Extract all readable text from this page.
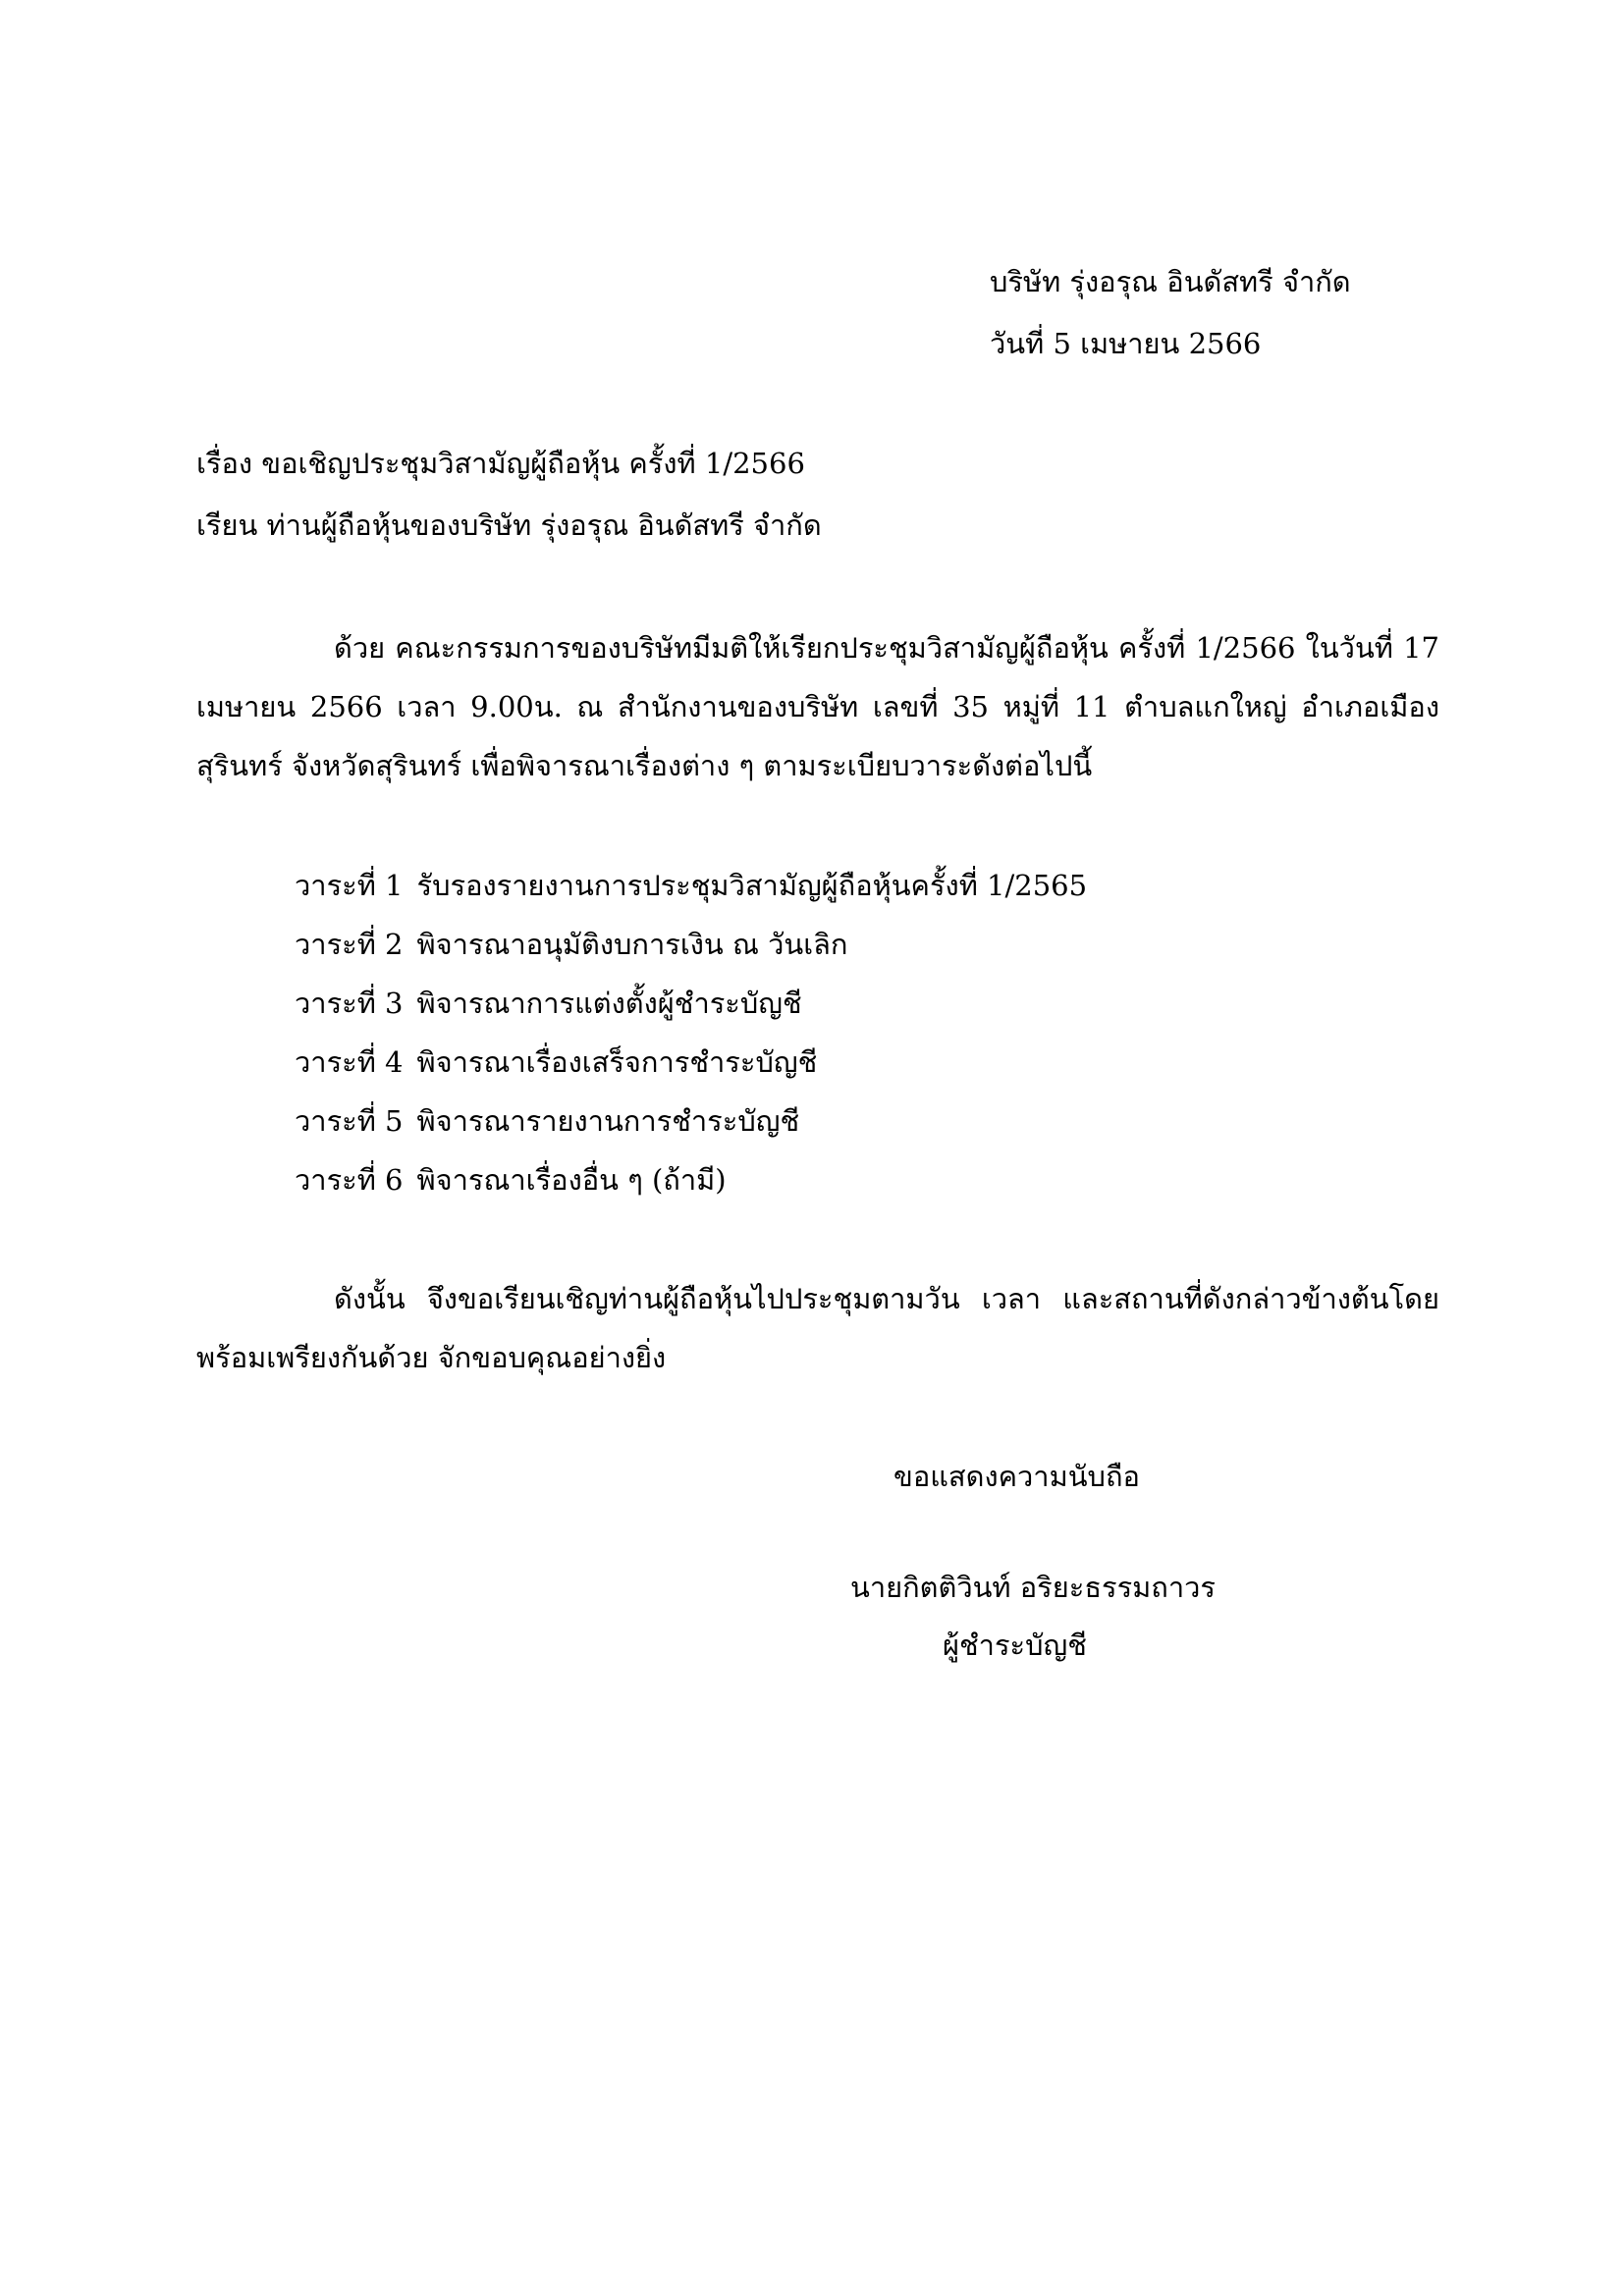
บริษัท รุ่งอรุณ อินดัสทรี จำกัด
วันที่ 5 เมษายน 2566
เรื่อง ขอเชิญประชุมวิสามัญผู้ถือหุ้น ครั้งที่ 1/2566
เรียน ท่านผู้ถือหุ้นของบริษัท รุ่งอรุณ อินดัสทรี จำกัด
ด้วย คณะกรรมการของบริษัทมีมติให้เรียกประชุมวิสามัญผู้ถือหุ้น ครั้งที่ 1/2566 ในวันที่ 17 เมษายน 2566 เวลา 9.00น. ณ สำนักงานของบริษัท เลขที่ 35 หมู่ที่ 11 ตำบลแกใหญ่ อำเภอเมืองสุรินทร์ จังหวัดสุรินทร์ เพื่อพิจารณาเรื่องต่าง ๆ ตามระเบียบวาระดังต่อไปนี้
วาระที่ 1 รับรองรายงานการประชุมวิสามัญผู้ถือหุ้นครั้งที่ 1/2565
วาระที่ 2 พิจารณาอนุมัติงบการเงิน ณ วันเลิก
วาระที่ 3 พิจารณาการแต่งตั้งผู้ชำระบัญชี
วาระที่ 4 พิจารณาเรื่องเสร็จการชำระบัญชี
วาระที่ 5 พิจารณารายงานการชำระบัญชี
วาระที่ 6 พิจารณาเรื่องอื่น ๆ (ถ้ามี)
ดังนั้น จึงขอเรียนเชิญท่านผู้ถือหุ้นไปประชุมตามวัน เวลา และสถานที่ดังกล่าวข้างต้นโดยพร้อมเพรียงกันด้วย จักขอบคุณอย่างยิ่ง
ขอแสดงความนับถือ
นายกิตติวินท์ อริยะธรรมถาวร
ผู้ชำระบัญชี
